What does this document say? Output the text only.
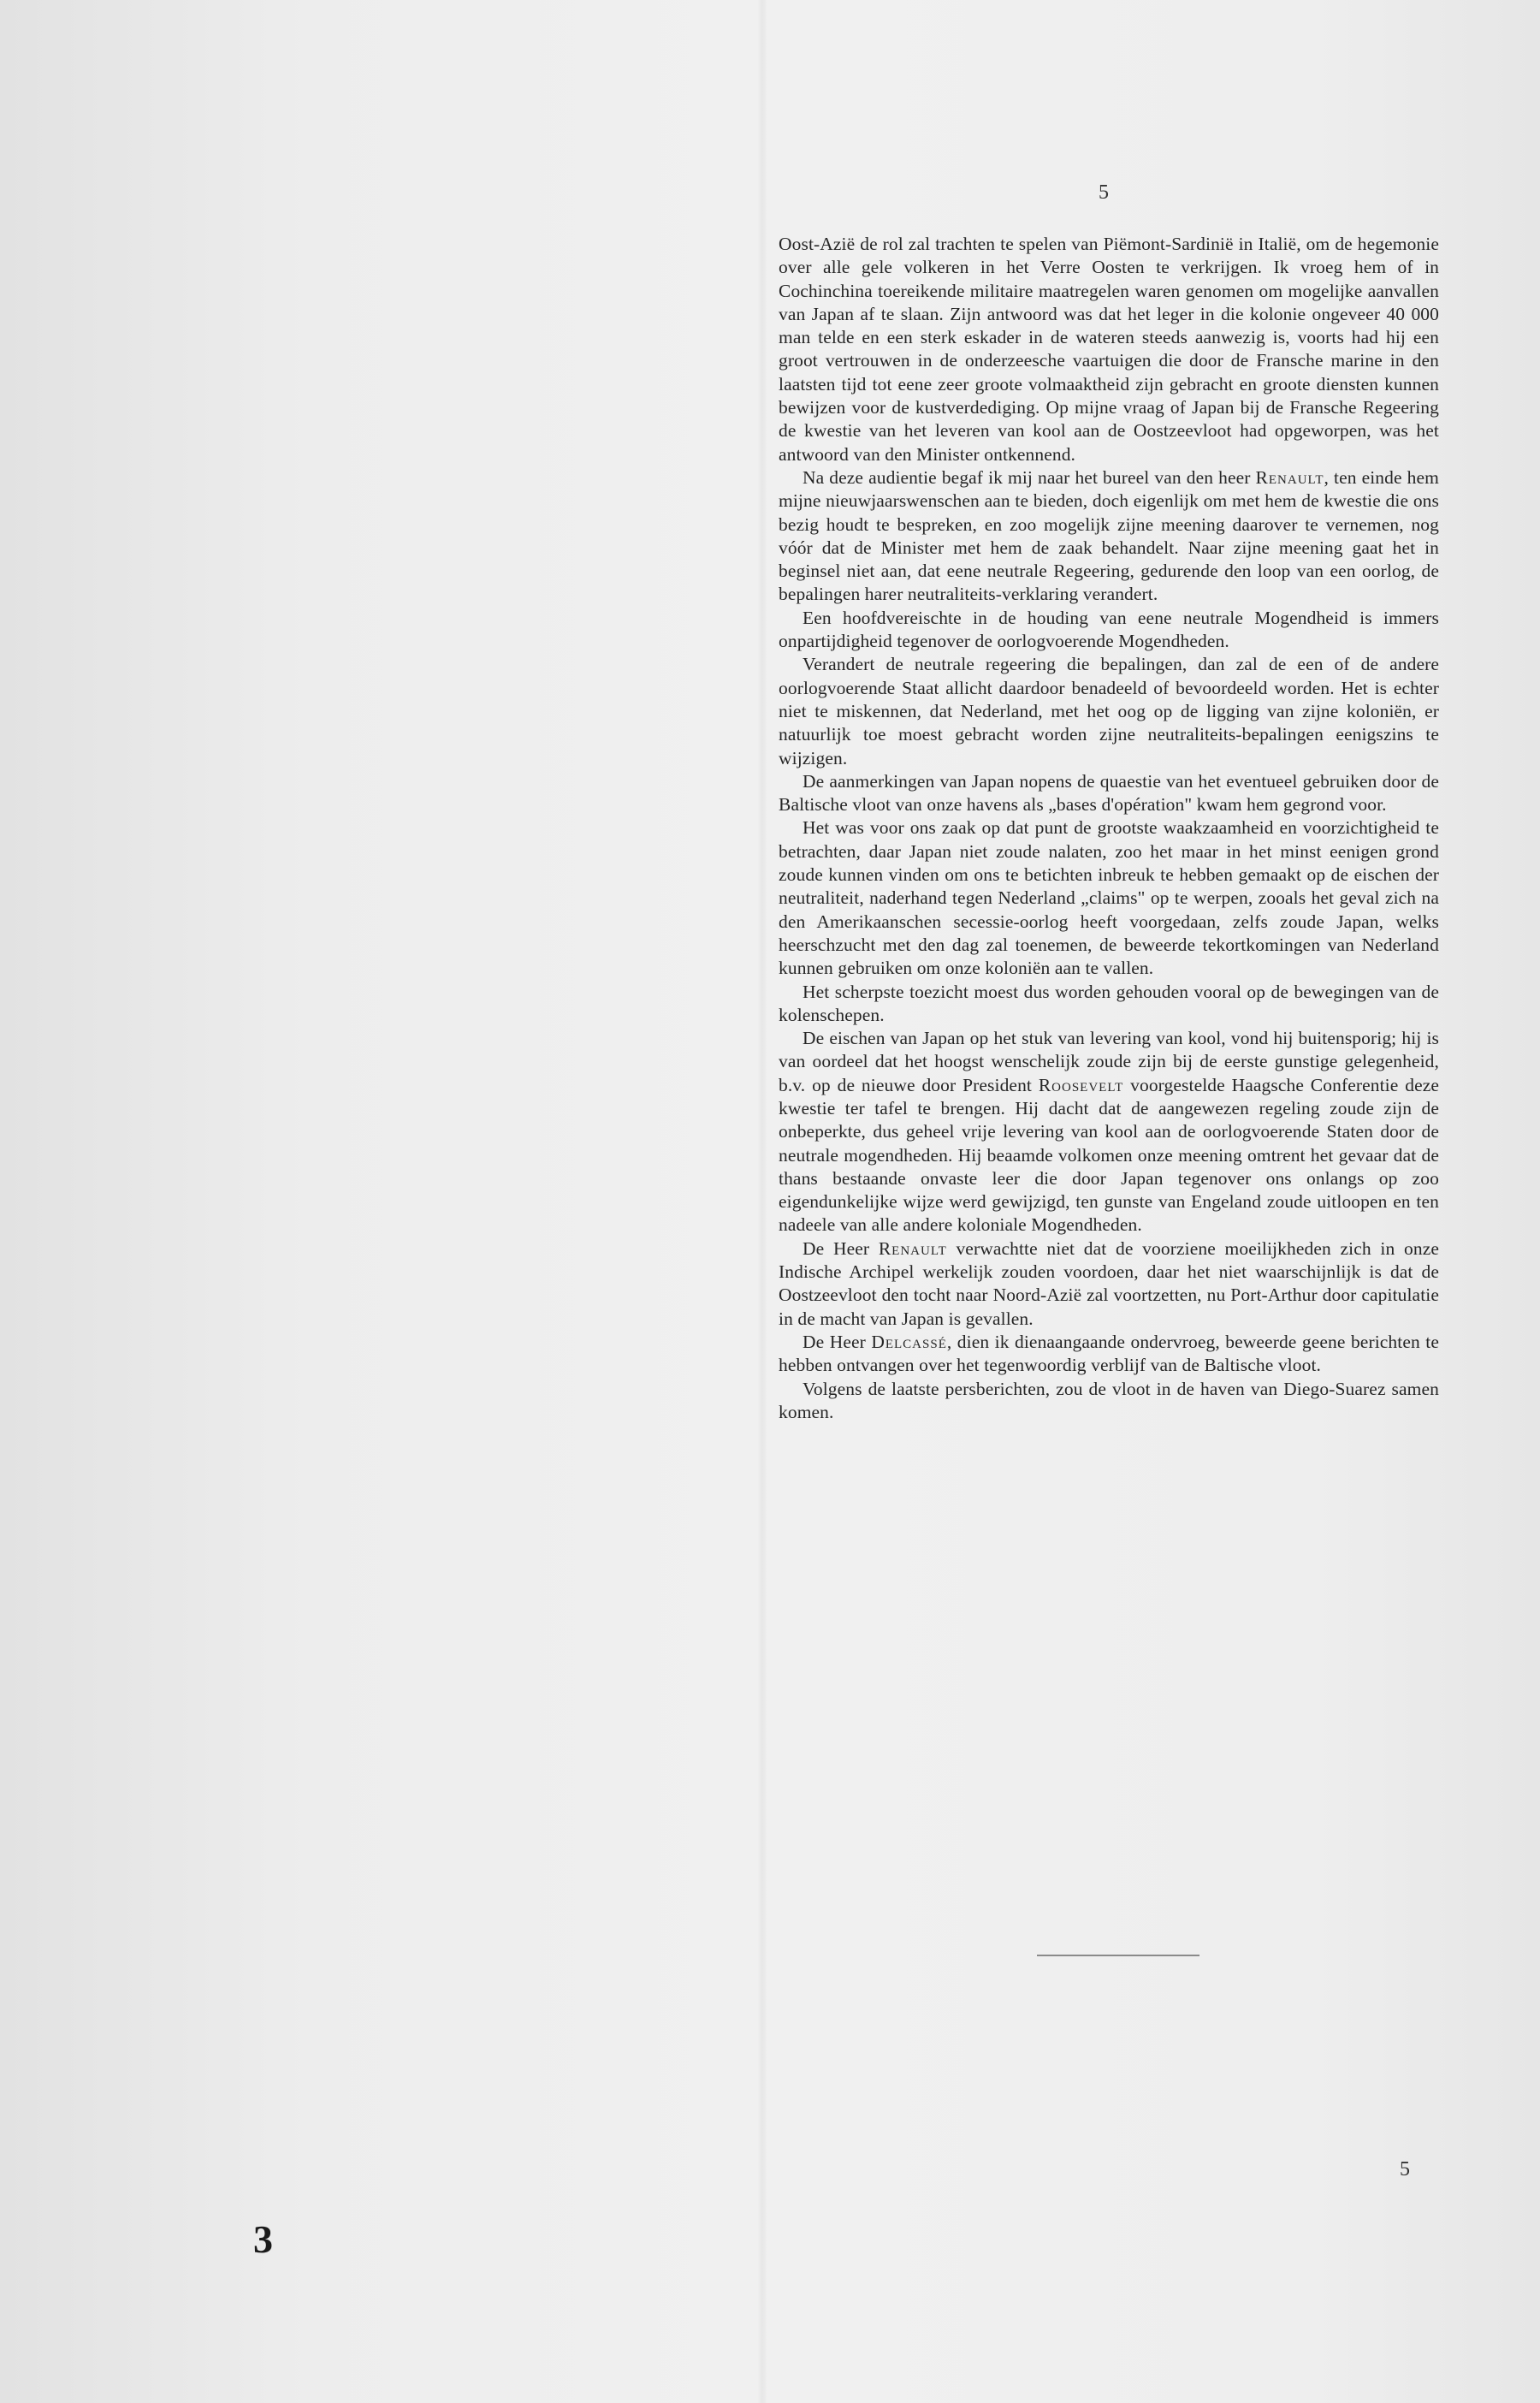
5

Oost-Azië de rol zal trachten te spelen van Piëmont-Sardinië in Italië, om de hegemonie over alle gele volkeren in het Verre Oosten te verkrijgen. Ik vroeg hem of in Cochinchina toereikende militaire maatregelen waren genomen om mogelijke aanvallen van Japan af te slaan. Zijn antwoord was dat het leger in die kolonie ongeveer 40 000 man telde en een sterk eskader in de wateren steeds aanwezig is, voorts had hij een groot vertrouwen in de onderzeesche vaartuigen die door de Fransche marine in den laatsten tijd tot eene zeer groote volmaaktheid zijn gebracht en groote diensten kunnen bewijzen voor de kustverdediging. Op mijne vraag of Japan bij de Fransche Regeering de kwestie van het leveren van kool aan de Oostzeevloot had opgeworpen, was het antwoord van den Minister ontkennend.

Na deze audientie begaf ik mij naar het bureel van den heer Renault, ten einde hem mijne nieuwjaarswenschen aan te bieden, doch eigenlijk om met hem de kwestie die ons bezig houdt te bespreken, en zoo mogelijk zijne meening daarover te vernemen, nog vóór dat de Minister met hem de zaak behandelt. Naar zijne meening gaat het in beginsel niet aan, dat eene neutrale Regeering, gedurende den loop van een oorlog, de bepalingen harer neutraliteits-verklaring verandert.

Een hoofdvereischte in de houding van eene neutrale Mogendheid is immers onpartijdigheid tegenover de oorlogvoerende Mogendheden.

Verandert de neutrale regeering die bepalingen, dan zal de een of de andere oorlogvoerende Staat allicht daardoor benadeeld of bevoordeeld worden. Het is echter niet te miskennen, dat Nederland, met het oog op de ligging van zijne koloniën, er natuurlijk toe moest gebracht worden zijne neutraliteits-bepalingen eenigszins te wijzigen.

De aanmerkingen van Japan nopens de quaestie van het eventueel gebruiken door de Baltische vloot van onze havens als „bases d'opération" kwam hem gegrond voor.

Het was voor ons zaak op dat punt de grootste waakzaamheid en voorzichtigheid te betrachten, daar Japan niet zoude nalaten, zoo het maar in het minst eenigen grond zoude kunnen vinden om ons te betichten inbreuk te hebben gemaakt op de eischen der neutraliteit, naderhand tegen Nederland „claims" op te werpen, zooals het geval zich na den Amerikaanschen secessie-oorlog heeft voorgedaan, zelfs zoude Japan, welks heerschzucht met den dag zal toenemen, de beweerde tekortkomingen van Nederland kunnen gebruiken om onze koloniën aan te vallen.

Het scherpste toezicht moest dus worden gehouden vooral op de bewegingen van de kolenschepen.

De eischen van Japan op het stuk van levering van kool, vond hij buitensporig; hij is van oordeel dat het hoogst wenschelijk zoude zijn bij de eerste gunstige gelegenheid, b.v. op de nieuwe door President Roosevelt voorgestelde Haagsche Conferentie deze kwestie ter tafel te brengen. Hij dacht dat de aangewezen regeling zoude zijn de onbeperkte, dus geheel vrije levering van kool aan de oorlogvoerende Staten door de neutrale mogendheden. Hij beaamde volkomen onze meening omtrent het gevaar dat de thans bestaande onvaste leer die door Japan tegenover ons onlangs op zoo eigendunkelijke wijze werd gewijzigd, ten gunste van Engeland zoude uitloopen en ten nadeele van alle andere koloniale Mogendheden.

De Heer Renault verwachtte niet dat de voorziene moeilijkheden zich in onze Indische Archipel werkelijk zouden voordoen, daar het niet waarschijnlijk is dat de Oostzeevloot den tocht naar Noord-Azië zal voortzetten, nu Port-Arthur door capitulatie in de macht van Japan is gevallen.

De Heer Delcassé, dien ik dienaangaande ondervroeg, beweerde geene berichten te hebben ontvangen over het tegenwoordig verblijf van de Baltische vloot.

Volgens de laatste persberichten, zou de vloot in de haven van Diego-Suarez samen komen.

5
3
